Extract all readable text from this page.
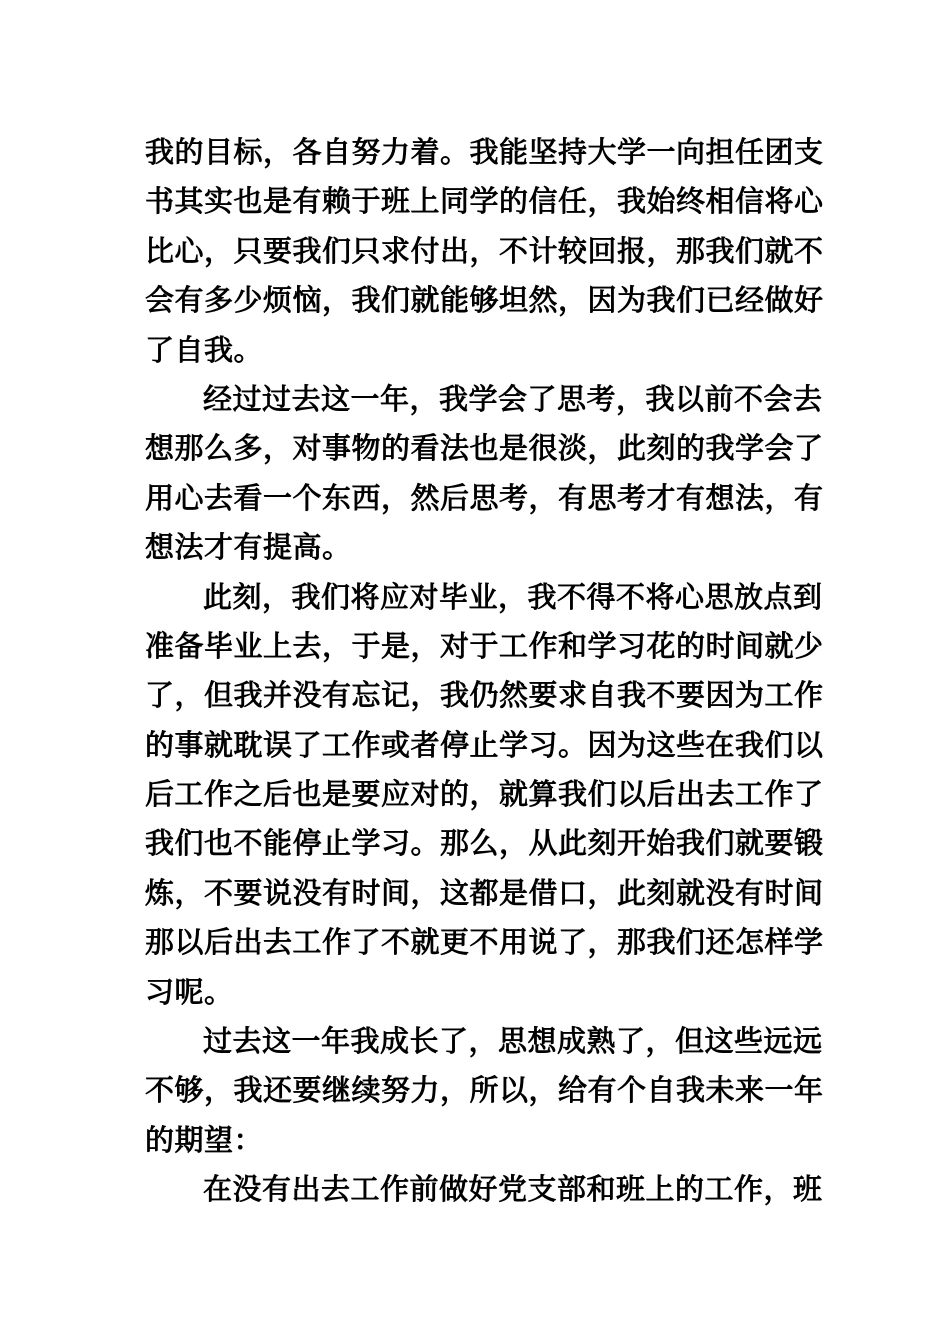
我的目标，各自努力着。我能坚持大学一向担任团支
书其实也是有赖于班上同学的信任，我始终相信将心
比心，只要我们只求付出，不计较回报，那我们就不
会有多少烦恼，我们就能够坦然，因为我们已经做好
了自我。
经过过去这一年，我学会了思考，我以前不会去
想那么多，对事物的看法也是很淡，此刻的我学会了
用心去看一个东西，然后思考，有思考才有想法，有
想法才有提高。
此刻，我们将应对毕业，我不得不将心思放点到
准备毕业上去，于是，对于工作和学习花的时间就少
了，但我并没有忘记，我仍然要求自我不要因为工作
的事就耽误了工作或者停止学习。因为这些在我们以
后工作之后也是要应对的，就算我们以后出去工作了
我们也不能停止学习。那么，从此刻开始我们就要锻
炼，不要说没有时间，这都是借口，此刻就没有时间
那以后出去工作了不就更不用说了，那我们还怎样学
习呢。
过去这一年我成长了，思想成熟了，但这些远远
不够，我还要继续努力，所以，给有个自我未来一年
的期望：
在没有出去工作前做好党支部和班上的工作，班
